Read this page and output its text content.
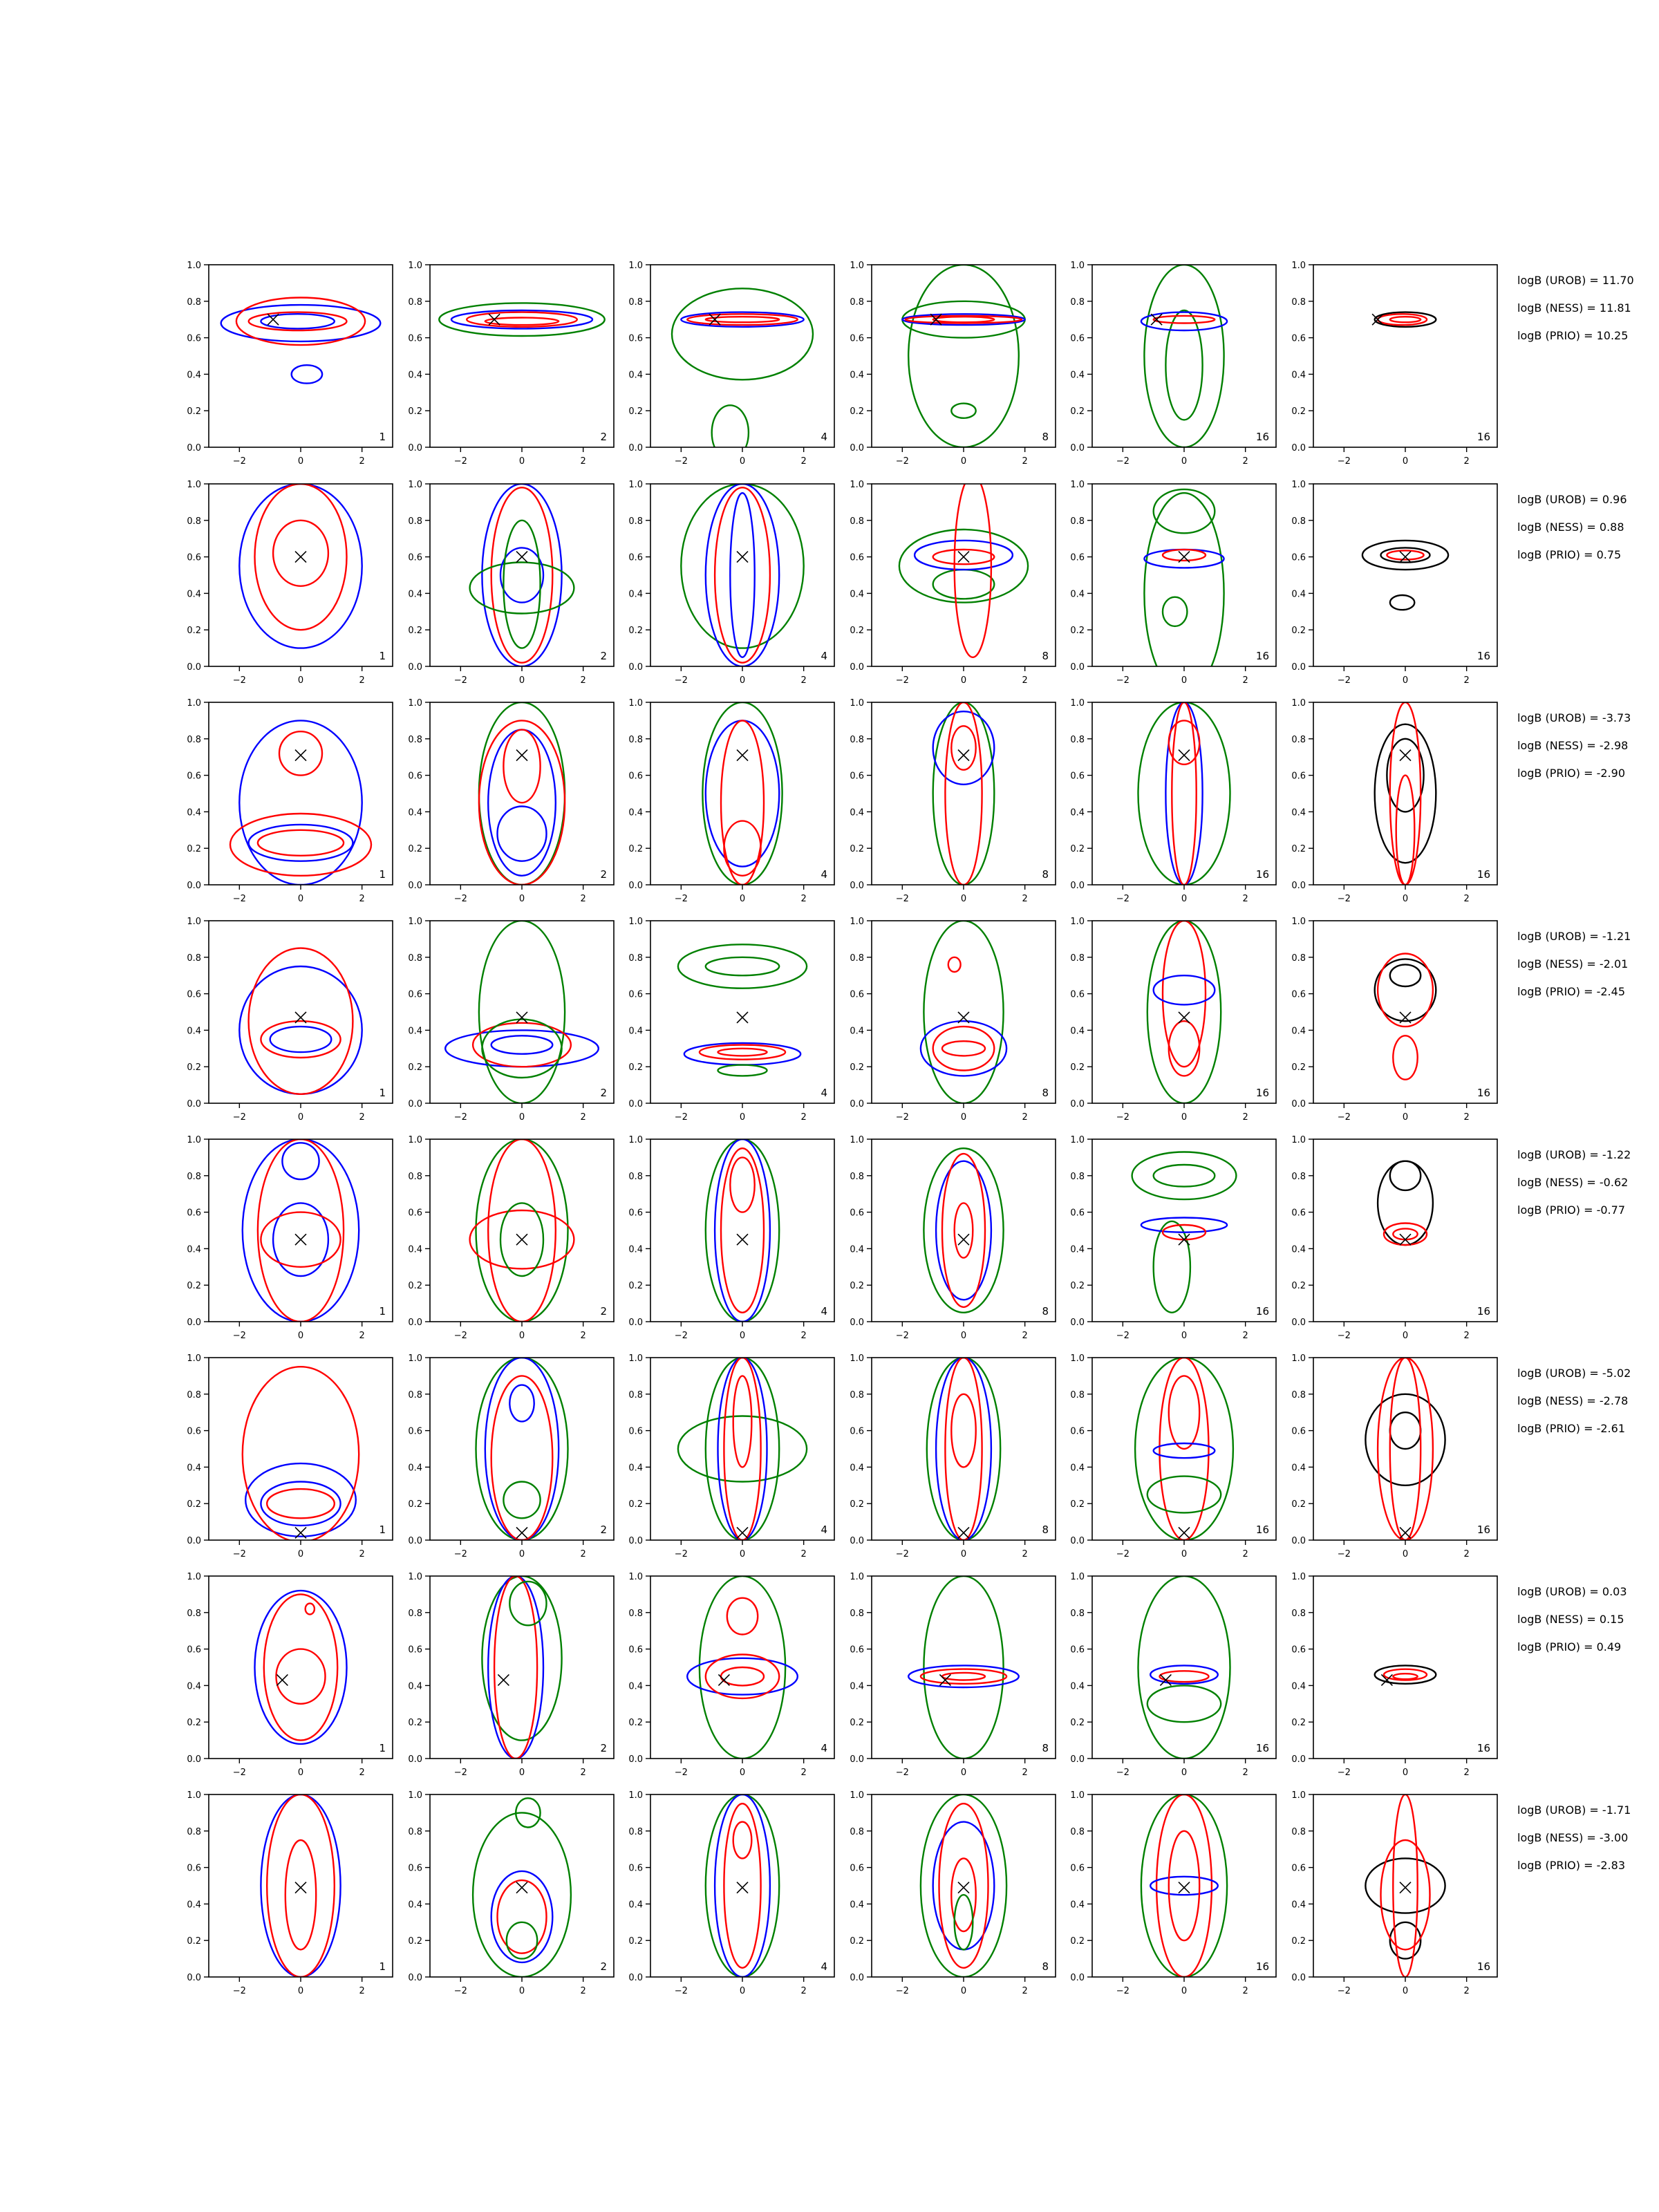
−2	0	2
0.0
0.2
0.4
0.6
0.8
1.0
1
−2	0	2
0.0
0.2
0.4
0.6
0.8
1.0
2
−2	0	2
0.0
0.2
0.4
0.6
0.8
1.0
4
−2	0	2
0.0
0.2
0.4
0.6
0.8
1.0
8
−2	0	2
0.0
0.2
0.4
0.6
0.8
1.0
16
−2	0	2
0.0
0.2
0.4
0.6
0.8
1.0
16
logB (UROB) = 11.70
logB (NESS) = 11.81
logB (PRIO) = 10.25
−2	0	2
0.0
0.2
0.4
0.6
0.8
1.0
1
−2	0	2
0.0
0.2
0.4
0.6
0.8
1.0
2
−2	0	2
0.0
0.2
0.4
0.6
0.8
1.0
4
−2	0	2
0.0
0.2
0.4
0.6
0.8
1.0
8
−2	0	2
0.0
0.2
0.4
0.6
0.8
1.0
16
−2	0	2
0.0
0.2
0.4
0.6
0.8
1.0
16
logB (UROB) = 0.96
logB (NESS) = 0.88
logB (PRIO) = 0.75
−2	0	2
0.0
0.2
0.4
0.6
0.8
1.0
1
−2	0	2
0.0
0.2
0.4
0.6
0.8
1.0
2
−2	0	2
0.0
0.2
0.4
0.6
0.8
1.0
4
−2	0	2
0.0
0.2
0.4
0.6
0.8
1.0
8
−2	0	2
0.0
0.2
0.4
0.6
0.8
1.0
16
−2	0	2
0.0
0.2
0.4
0.6
0.8
1.0
16
logB (UROB) = -3.73
logB (NESS) = -2.98
logB (PRIO) = -2.90
−2	0	2
0.0
0.2
0.4
0.6
0.8
1.0
1
−2	0	2
0.0
0.2
0.4
0.6
0.8
1.0
2
−2	0	2
0.0
0.2
0.4
0.6
0.8
1.0
4
−2	0	2
0.0
0.2
0.4
0.6
0.8
1.0
8
−2	0	2
0.0
0.2
0.4
0.6
0.8
1.0
16
−2	0	2
0.0
0.2
0.4
0.6
0.8
1.0
16
logB (UROB) = -1.21
logB (NESS) = -2.01
logB (PRIO) = -2.45
−2	0	2
0.0
0.2
0.4
0.6
0.8
1.0
1
−2	0	2
0.0
0.2
0.4
0.6
0.8
1.0
2
−2	0	2
0.0
0.2
0.4
0.6
0.8
1.0
4
−2	0	2
0.0
0.2
0.4
0.6
0.8
1.0
8
−2	0	2
0.0
0.2
0.4
0.6
0.8
1.0
16
−2	0	2
0.0
0.2
0.4
0.6
0.8
1.0
16
logB (UROB) = -1.22
logB (NESS) = -0.62
logB (PRIO) = -0.77
−2	0	2
0.0
0.2
0.4
0.6
0.8
1.0
1
−2	0	2
0.0
0.2
0.4
0.6
0.8
1.0
2
−2	0	2
0.0
0.2
0.4
0.6
0.8
1.0
4
−2	0	2
0.0
0.2
0.4
0.6
0.8
1.0
8
−2	0	2
0.0
0.2
0.4
0.6
0.8
1.0
16
−2	0	2
0.0
0.2
0.4
0.6
0.8
1.0
16
logB (UROB) = -5.02
logB (NESS) = -2.78
logB (PRIO) = -2.61
−2	0	2
0.0
0.2
0.4
0.6
0.8
1.0
1
−2	0	2
0.0
0.2
0.4
0.6
0.8
1.0
2
−2	0	2
0.0
0.2
0.4
0.6
0.8
1.0
4
−2	0	2
0.0
0.2
0.4
0.6
0.8
1.0
8
−2	0	2
0.0
0.2
0.4
0.6
0.8
1.0
16
−2	0	2
0.0
0.2
0.4
0.6
0.8
1.0
16
logB (UROB) = 0.03
logB (NESS) = 0.15
logB (PRIO) = 0.49
−2	0	2
0.0
0.2
0.4
0.6
0.8
1.0
1
−2	0	2
0.0
0.2
0.4
0.6
0.8
1.0
2
−2	0	2
0.0
0.2
0.4
0.6
0.8
1.0
4
−2	0	2
0.0
0.2
0.4
0.6
0.8
1.0
8
−2	0	2
0.0
0.2
0.4
0.6
0.8
1.0
16
−2	0	2
0.0
0.2
0.4
0.6
0.8
1.0
16
logB (UROB) = -1.71
logB (NESS) = -3.00
logB (PRIO) = -2.83
